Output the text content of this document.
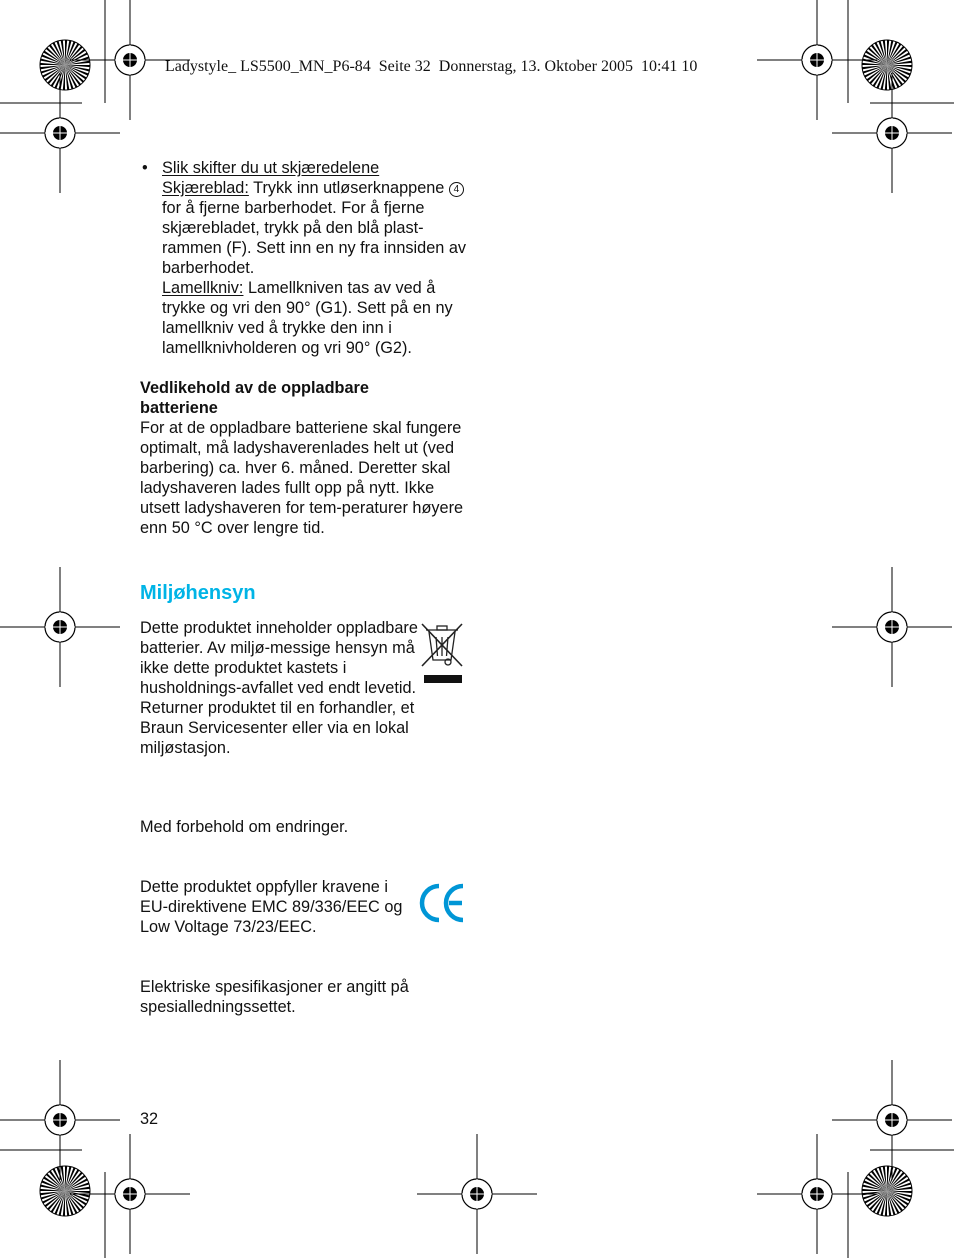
Ladystyle_ LS5500_MN_P6-84  Seite 32  Donnerstag, 13. Oktober 2005  10:41 10
• Slik skifter du ut skjæredelene
Skjæreblad: Trykk inn utløserknappene 4for å fjerne barberhodet. For å fjerne skjærebladet, trykk på den blå plast-rammen (F). Sett inn en ny fra innsiden av barberhodet.
Lamellkniv: Lamellkniven tas av ved å trykke og vri den 90° (G1). Sett på en ny lamellkniv ved å trykke den inn i lamellknivholderen og vri 90° (G2).

Vedlikehold av de oppladbare batteriene

For at de oppladbare batteriene skal fungere optimalt, må ladyshaverenlades helt ut (ved barbering) ca. hver 6. måned. Deretter skal ladyshaveren lades fullt opp på nytt. Ikke utsett ladyshaveren for tem-peraturer høyere enn 50 °C over lengre tid.

Miljøhensyn
Dette produktet inneholder oppladbare batterier. Av miljø-messige hensyn må ikke dette produktet kastets i husholdnings-avfallet ved endt levetid. Returner produktet til en forhandler, et Braun Servicesenter eller via en lokal miljøstasjon.
Med forbehold om endringer.
Dette produktet oppfyller kravene i EU-direktivene EMC 89/336/EEC og Low Voltage 73/23/EEC.
Elektriske spesifikasjoner er angitt på spesialledningssettet.
32
